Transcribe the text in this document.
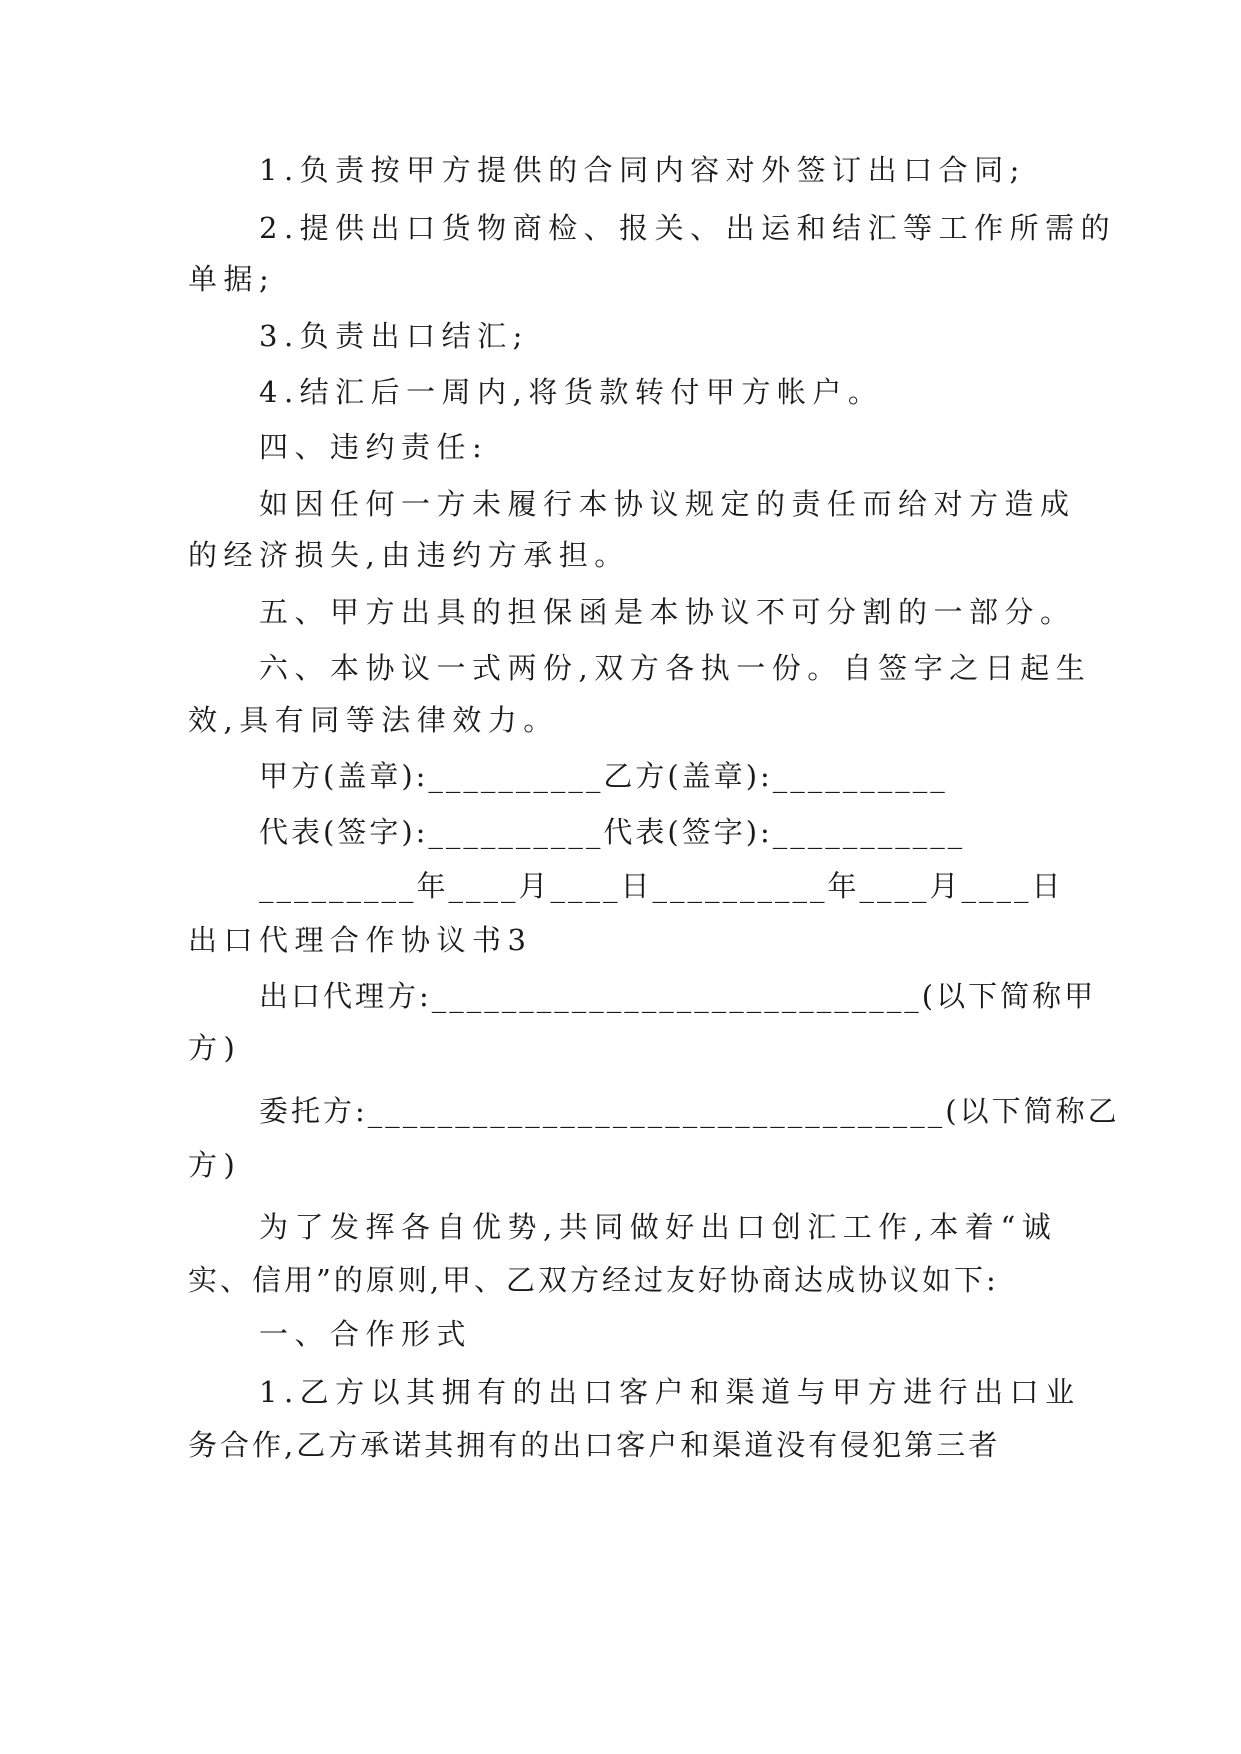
1.负责按甲方提供的合同内容对外签订出口合同;
2.提供出口货物商检、报关、出运和结汇等工作所需的
单据;
3.负责出口结汇;
4.结汇后一周内,将货款转付甲方帐户。
四、违约责任:
如因任何一方未履行本协议规定的责任而给对方造成
的经济损失,由违约方承担。
五、甲方出具的担保函是本协议不可分割的一部分。
六、本协议一式两份,双方各执一份。自签字之日起生
效,具有同等法律效力。
甲方(盖章):__________乙方(盖章):__________
代表(签字):__________代表(签字):___________
_________年____月____日__________年____月____日
出口代理合作协议书3
出口代理方:____________________________(以下简称甲
方)
委托方:_________________________________(以下简称乙
方)
为了发挥各自优势,共同做好出口创汇工作,本着“诚
实、信用”的原则,甲、乙双方经过友好协商达成协议如下:
一、合作形式
1.乙方以其拥有的出口客户和渠道与甲方进行出口业
务合作,乙方承诺其拥有的出口客户和渠道没有侵犯第三者
